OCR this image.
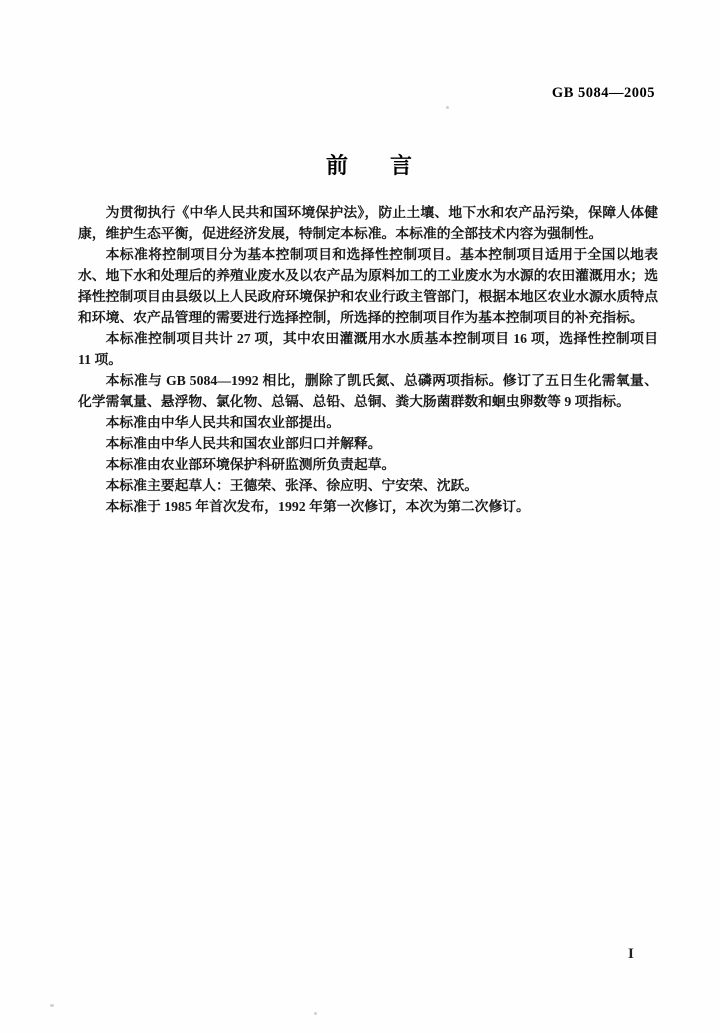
GB 5084—2005
前言

为贯彻执行《中华人民共和国环境保护法》，防止土壤、地下水和农产品污染，保障人体健康，维护生态平衡，促进经济发展，特制定本标准。本标准的全部技术内容为强制性。

本标准将控制项目分为基本控制项目和选择性控制项目。基本控制项目适用于全国以地表水、地下水和处理后的养殖业废水及以农产品为原料加工的工业废水为水源的农田灌溉用水；选择性控制项目由县级以上人民政府环境保护和农业行政主管部门，根据本地区农业水源水质特点和环境、农产品管理的需要进行选择控制，所选择的控制项目作为基本控制项目的补充指标。

本标准控制项目共计 27 项，其中农田灌溉用水水质基本控制项目 16 项，选择性控制项目 11 项。

本标准与 GB 5084—1992 相比，删除了凯氏氮、总磷两项指标。修订了五日生化需氧量、化学需氧量、悬浮物、氯化物、总镉、总铅、总铜、粪大肠菌群数和蛔虫卵数等 9 项指标。

本标准由中华人民共和国农业部提出。

本标准由中华人民共和国农业部归口并解释。

本标准由农业部环境保护科研监测所负责起草。

本标准主要起草人：王德荣、张泽、徐应明、宁安荣、沈跃。

本标准于 1985 年首次发布，1992 年第一次修订，本次为第二次修订。

I
